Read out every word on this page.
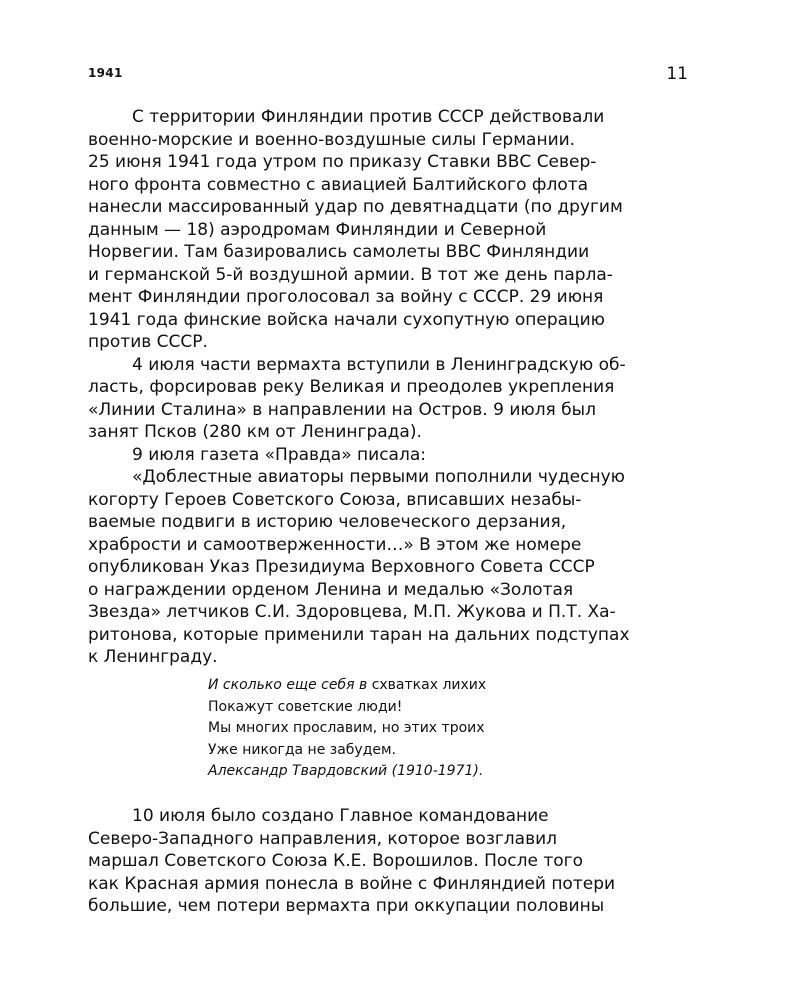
1941	11
С территории Финляндии против СССР действовали
военно-морские и военно-воздушные силы Германии.
25 июня 1941 года утром по приказу Ставки ВВС Север-
ного фронта совместно с авиацией Балтийского флота
нанесли массированный удар по девятнадцати (по другим
данным — 18) аэродромам Финляндии и Северной
Норвегии. Там базировались самолеты ВВС Финляндии
и германской 5-й воздушной армии. В тот же день парла-
мент Финляндии проголосовал за войну с СССР. 29 июня
1941 года финские войска начали сухопутную операцию
против СССР.
4 июля части вермахта вступили в Ленинградскую об-
ласть, форсировав реку Великая и преодолев укрепления
«Линии Сталина» в направлении на Остров. 9 июля был
занят Псков (280 км от Ленинграда).
9 июля газета «Правда» писала:
«Доблестные авиаторы первыми пополнили чудесную
когорту Героев Советского Союза, вписавших незабы-
ваемые подвиги в историю человеческого дерзания,
храбрости и самоотверженности…» В этом же номере
опубликован Указ Президиума Верховного Совета СССР
о награждении орденом Ленина и медалью «Золотая
Звезда» летчиков С.И. Здоровцева, М.П. Жукова и П.Т. Ха-
ритонова, которые применили таран на дальних подступах
к Ленинграду.
И сколько еще себя в схватках лихих
Покажут советские люди!
Мы многих прославим, но этих троих
Уже никогда не забудем.
Александр Твардовский (1910-1971).
10 июля было создано Главное командование
Северо-Западного направления, которое возглавил
маршал Советского Союза К.Е. Ворошилов. После того
как Красная армия понесла в войне с Финляндией потери
большие, чем потери вермахта при оккупации половины
